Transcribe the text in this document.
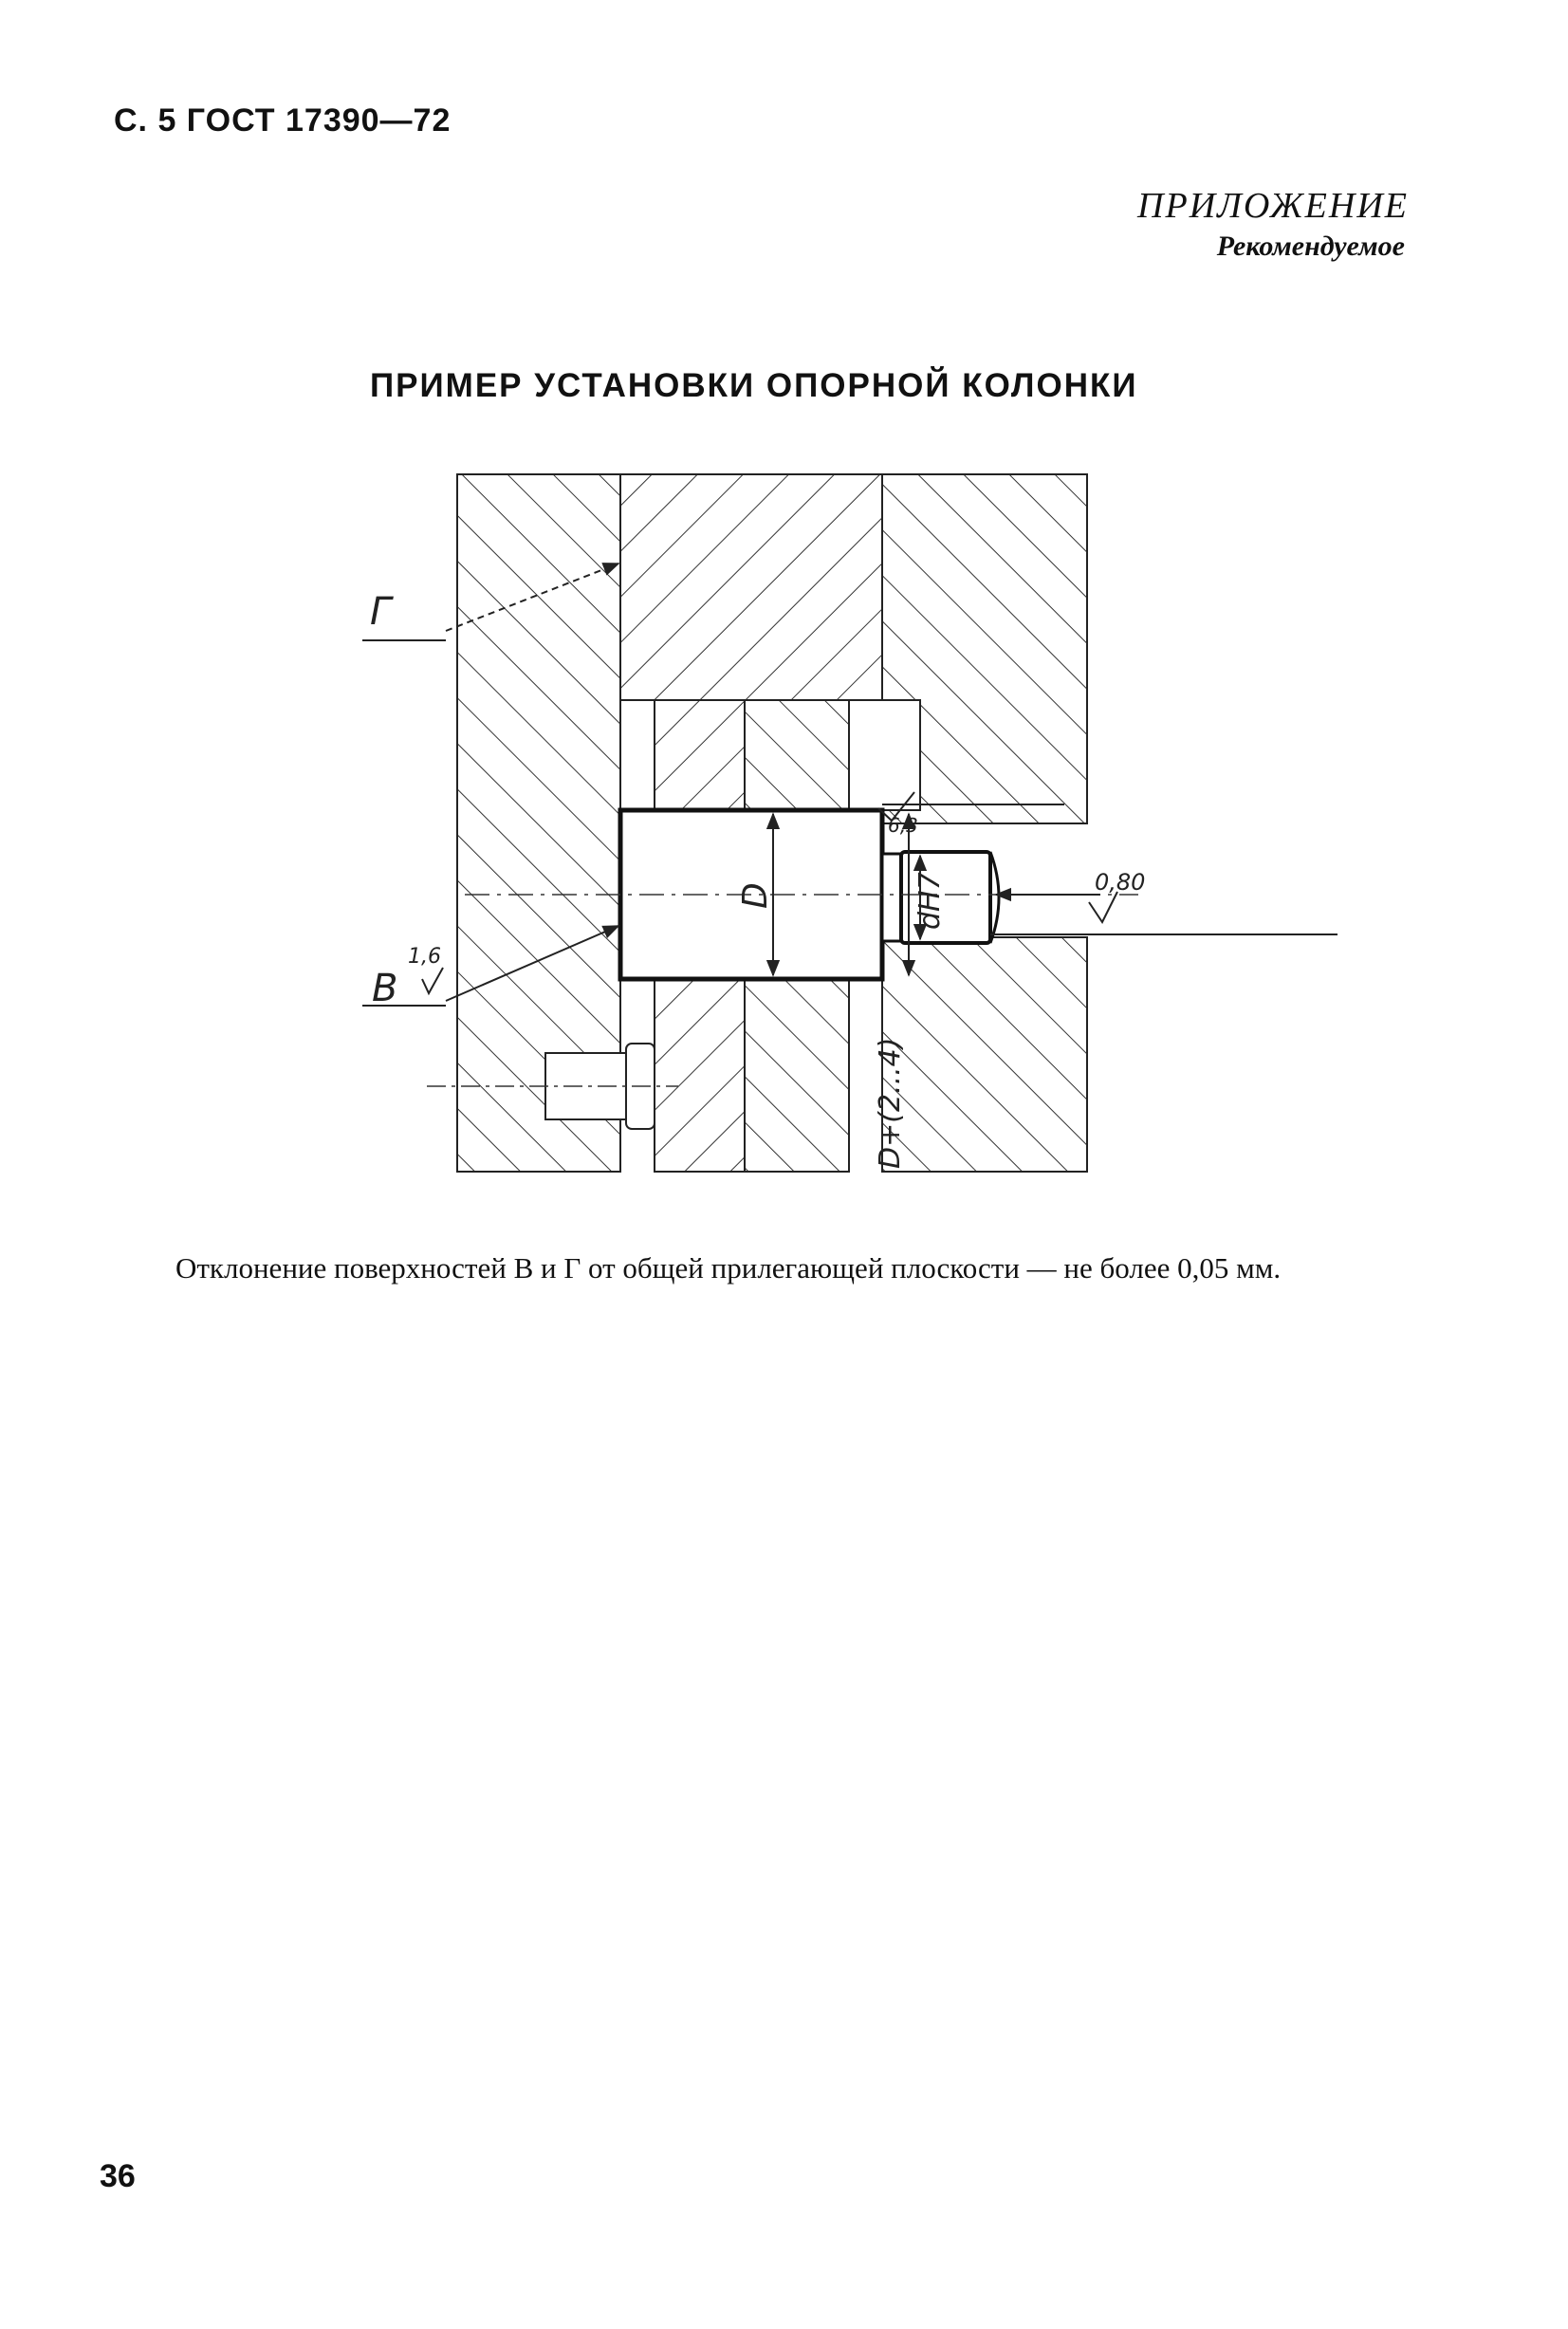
С. 5 ГОСТ 17390—72
ПРИЛОЖЕНИЕ
Рекомендуемое
ПРИМЕР УСТАНОВКИ ОПОРНОЙ КОЛОНКИ
Г
В
1,6
6,3
0,80
D	dH7
D+(2...4)

Отклонение поверхностей В и Г от общей прилегающей плоскости — не более 0,05 мм.

36
